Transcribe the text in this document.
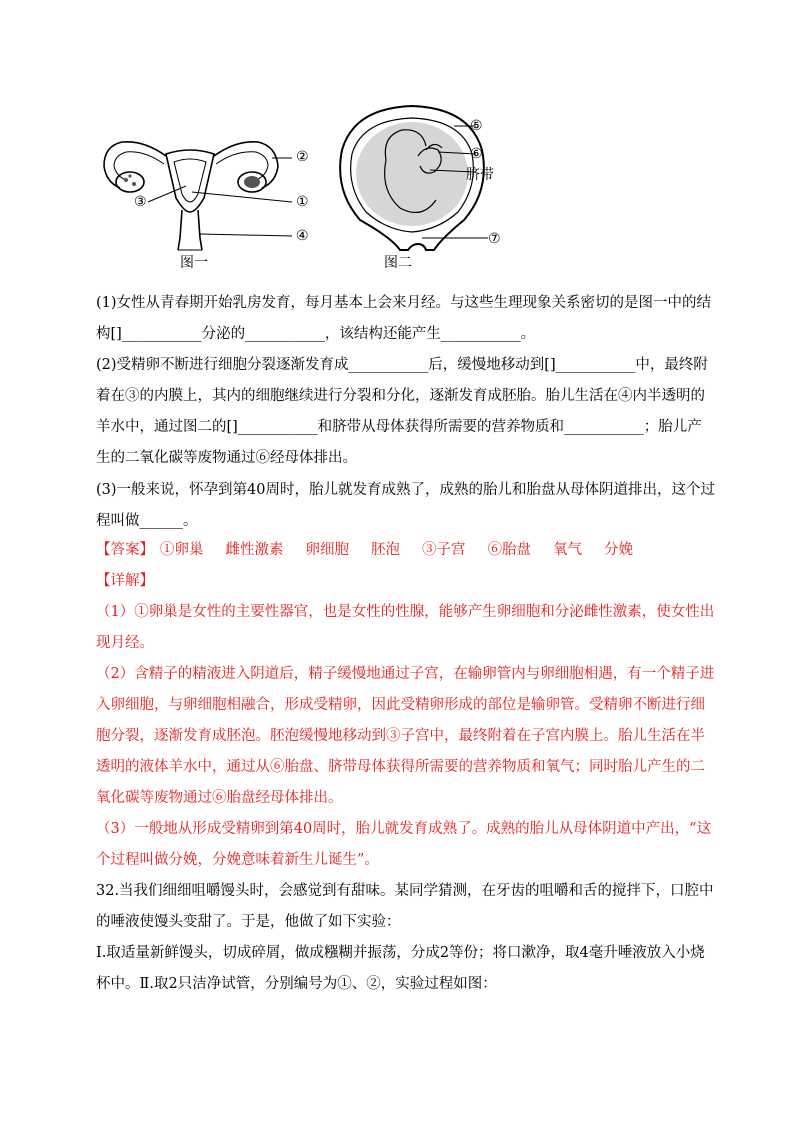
②
③	①
④
图一
⑤
⑥
脐带
⑦
图二
(1)女性从青春期开始乳房发育，每月基本上会来月经。与这些生理现象关系密切的是图一中的结构[]___________分泌的___________，该结构还能产生___________。
(2)受精卵不断进行细胞分裂逐渐发育成___________后，缓慢地移动到[]___________中，最终附着在③的内膜上，其内的细胞继续进行分裂和分化，逐渐发育成胚胎。胎儿生活在④内半透明的羊水中，通过图二的[]___________和脐带从母体获得所需要的营养物质和___________；胎儿产生的二氧化碳等废物通过⑥经母体排出。
(3)一般来说，怀孕到第40周时，胎儿就发育成熟了，成熟的胎儿和胎盘从母体阴道排出，这个过程叫做______。
【答案】 ①卵巢 雌性激素 卵细胞 胚泡 ③子宫 ⑥胎盘 氧气 分娩
【详解】
（1）①卵巢是女性的主要性器官，也是女性的性腺，能够产生卵细胞和分泌雌性激素，使女性出现月经。
（2）含精子的精液进入阴道后，精子缓慢地通过子宫，在输卵管内与卵细胞相遇，有一个精子进入卵细胞，与卵细胞相融合，形成受精卵，因此受精卵形成的部位是输卵管。受精卵不断进行细胞分裂，逐渐发育成胚泡。胚泡缓慢地移动到③子宫中，最终附着在子宫内膜上。胎儿生活在半透明的液体羊水中，通过从⑥胎盘、脐带母体获得所需要的营养物质和氧气；同时胎儿产生的二氧化碳等废物通过⑥胎盘经母体排出。
（3）一般地从形成受精卵到第40周时，胎儿就发育成熟了。成熟的胎儿从母体阴道中产出，“这个过程叫做分娩，分娩意味着新生儿诞生”。
32.当我们细细咀嚼馒头时，会感觉到有甜味。某同学猜测，在牙齿的咀嚼和舌的搅拌下，口腔中的唾液使馒头变甜了。于是，他做了如下实验：
Ⅰ.取适量新鲜馒头，切成碎屑，做成糨糊并振荡，分成2等份；将口漱净，取4毫升唾液放入小烧杯中。Ⅱ.取2只洁净试管，分别编号为①、②，实验过程如图：
